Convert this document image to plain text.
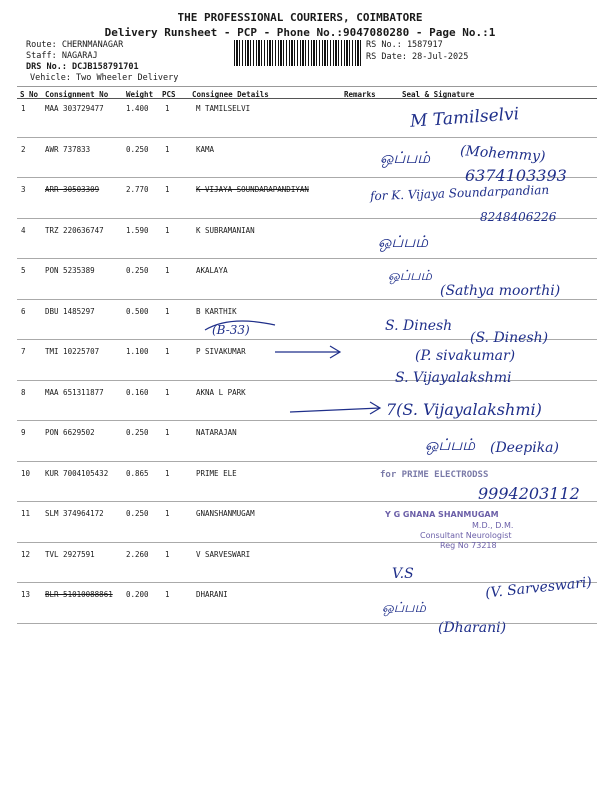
THE PROFESSIONAL COURIERS, COIMBATORE
Delivery Runsheet - PCP - Phone No.:9047080280 - Page No.:1
Route: CHERNMANAGAR
Staff: NAGARAJ
DRS No.: DCJB158791701
Vehicle: Two Wheeler Delivery
RS No.: 1587917
RS Date: 28-Jul-2025
S No Consignment No Weight PCS Consignee Details	Remarks	Seal & Signature
1	MAA 303729477	1.400 1	M TAMILSELVI
2	AWR 737833	0.250 1	KAMA
3	ARR 30503309	2.770 1	K VIJAYA SOUNDARAPANDIYAN
4	TRZ 220636747	1.590 1	K SUBRAMANIAN
5	PON 5235389	0.250 1	AKALAYA
6	DBU 1485297	0.500 1	B KARTHIK
7	TMI 10225707	1.100 1	P SIVAKUMAR
8	MAA 651311877	0.160 1	AKNA L PARK
9	PON 6629502	0.250 1	NATARAJAN
10 KUR 7004105432 0.865 1	PRIME ELE
11 SLM 374964172	0.250 1	GNANSHANMUGAM
12 TVL 2927591	2.260 1	V SARVESWARI
13 BLR 51010088861 0.200 1	DHARANI
M Tamilselvi
ஒப்பம் (Mohemmy)
6374103393
for K. Vijaya Soundarpandian
8248406226
ஒப்பம்
ஒப்பம்
(Sathya moorthi)
(B-33)	S. Dinesh
(S. Dinesh)
(P. sivakumar)
S. Vijayalakshmi
7(S. Vijayalakshmi)
ஒப்பம் (Deepika)
for PRIME ELECTRODSS
9994203112
Y G GNANA SHANMUGAM
M.D., D.M.
Consultant Neurologist
Reg No 73218
V.S
(V. Sarveswari)
ஒப்பம்
(Dharani)
